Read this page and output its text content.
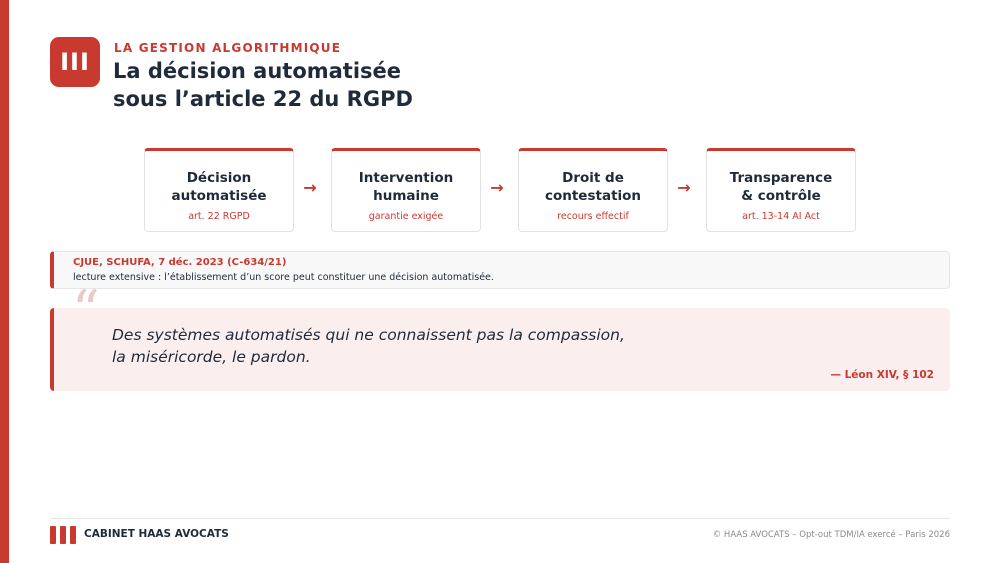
III LA GESTION ALGORITHMIQUE
La décision automatisée
sous l’article 22 du RGPD
Décision
automatisée
art. 22 RGPD
→	Intervention
humaine
garantie exigée
→	Droit de
contestation
recours effectif
→	Transparence
& contrôle
art. 13-14 AI Act
CJUE, SCHUFA, 7 déc. 2023 (C-634/21)
lecture extensive : l’établissement d’un score peut constituer une décision automatisée.
Des systèmes automatisés qui ne connaissent pas la compassion,
la miséricorde, le pardon.
— Léon XIV, § 102
“
CABINET HAAS AVOCATS	© HAAS AVOCATS – Opt-out TDM/IA exercé – Paris 2026
